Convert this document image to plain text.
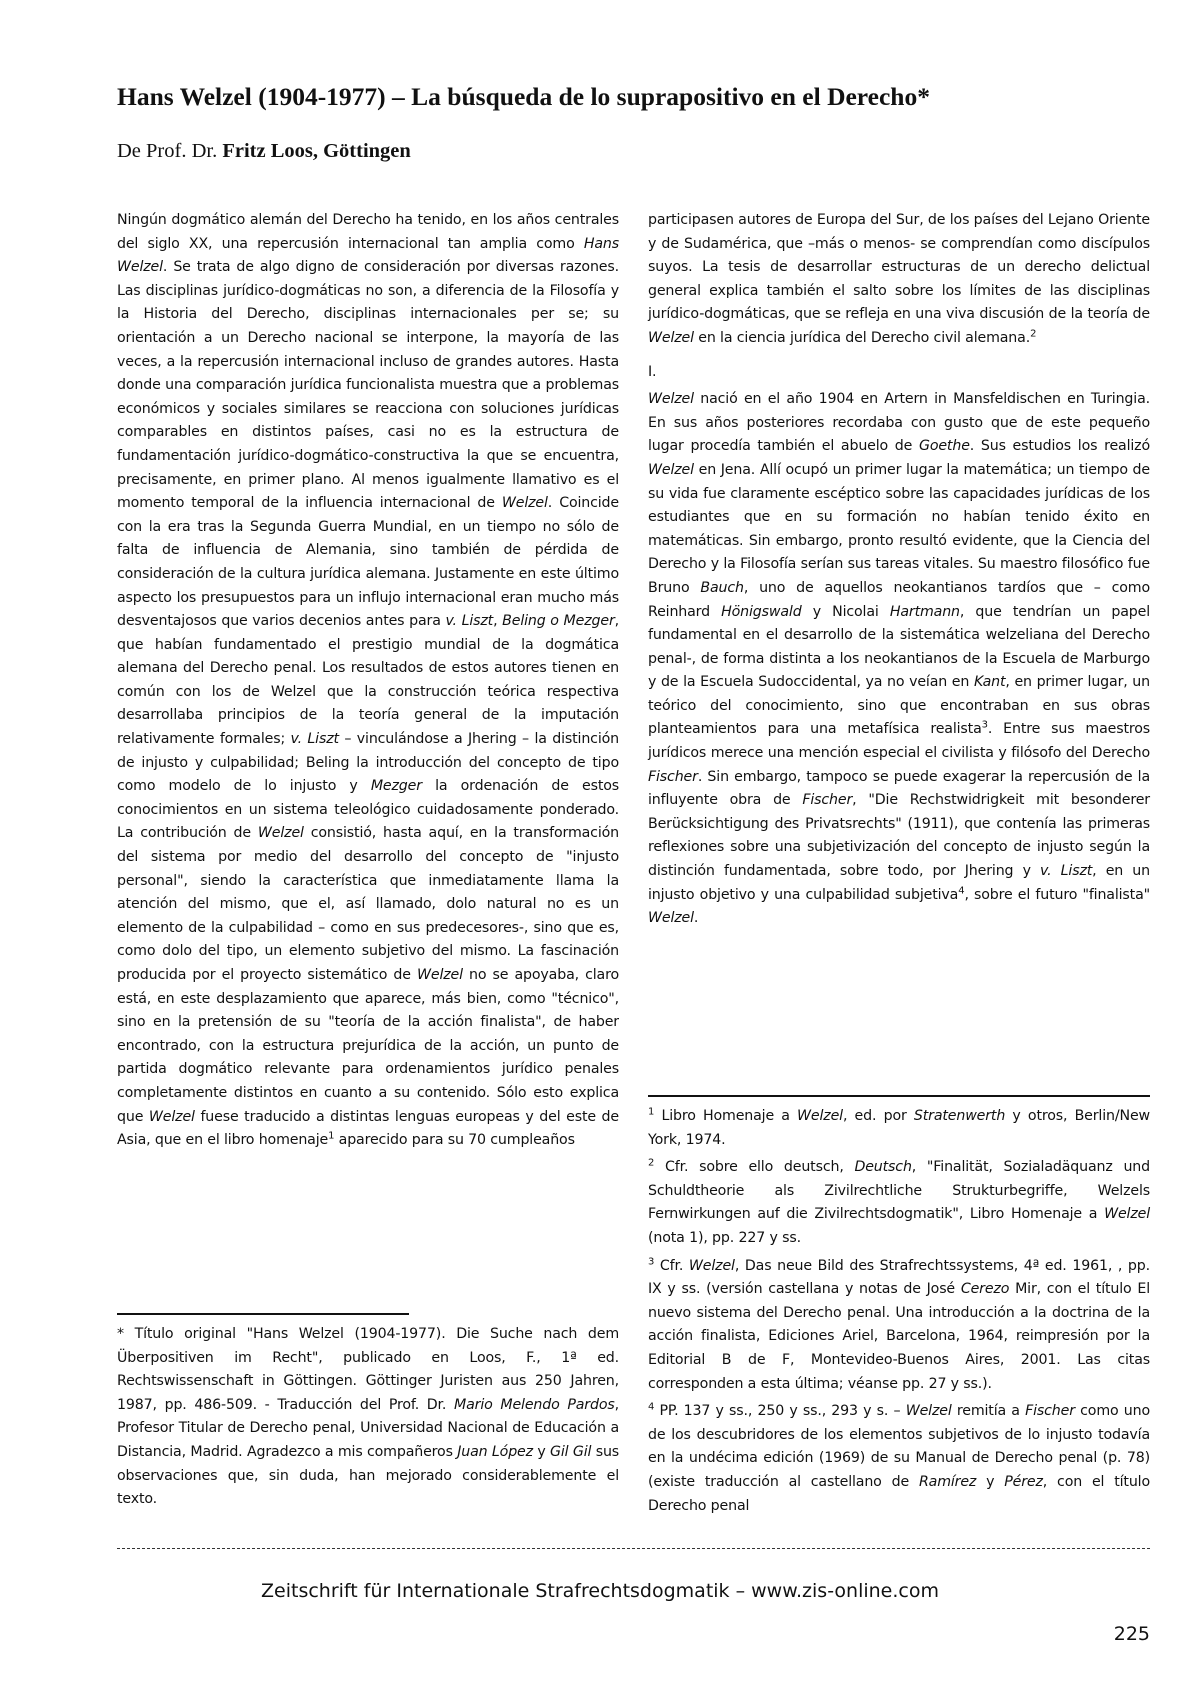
Hans Welzel (1904-1977) – La búsqueda de lo suprapositivo en el Derecho*
De Prof. Dr. Fritz Loos, Göttingen

Ningún dogmático alemán del Derecho ha tenido, en los años centrales del siglo XX, una repercusión internacional tan amplia como Hans Welzel. Se trata de algo digno de consideración por diversas razones. Las disciplinas jurídico-dogmáticas no son, a diferencia de la Filosofía y la Historia del Derecho, disciplinas internacionales per se; su orientación a un Derecho nacional se interpone, la mayoría de las veces, a la repercusión internacional incluso de grandes autores. Hasta donde una comparación jurídica funcionalista muestra que a problemas económicos y sociales similares se reacciona con soluciones jurídicas comparables en distintos países, casi no es la estructura de fundamentación jurídico-dogmático-constructiva la que se encuentra, precisamente, en primer plano. Al menos igualmente llamativo es el momento temporal de la influencia internacional de Welzel. Coincide con la era tras la Segunda Guerra Mundial, en un tiempo no sólo de falta de influencia de Alemania, sino también de pérdida de consideración de la cultura jurídica alemana. Justamente en este último aspecto los presupuestos para un influjo internacional eran mucho más desventajosos que varios decenios antes para v. Liszt, Beling o Mezger, que habían fundamentado el prestigio mundial de la dogmática alemana del Derecho penal. Los resultados de estos autores tienen en común con los de Welzel que la construcción teórica respectiva desarrollaba principios de la teoría general de la imputación relativamente formales; v. Liszt – vinculándose a Jhering – la distinción de injusto y culpabilidad; Beling la introducción del concepto de tipo como modelo de lo injusto y Mezger la ordenación de estos conocimientos en un sistema teleológico cuidadosamente ponderado. La contribución de Welzel consistió, hasta aquí, en la transformación del sistema por medio del desarrollo del concepto de "injusto personal", siendo la característica que inmediatamente llama la atención del mismo, que el, así llamado, dolo natural no es un elemento de la culpabilidad – como en sus predecesores-, sino que es, como dolo del tipo, un elemento subjetivo del mismo. La fascinación producida por el proyecto sistemático de Welzel no se apoyaba, claro está, en este desplazamiento que aparece, más bien, como "técnico", sino en la pretensión de su "teoría de la acción finalista", de haber encontrado, con la estructura prejurídica de la acción, un punto de partida dogmático relevante para ordenamientos jurídico penales completamente distintos en cuanto a su contenido. Sólo esto explica que Welzel fuese traducido a distintas lenguas europeas y del este de Asia, que en el libro homenaje$^1$ aparecido para su 70 cumpleaños

participasen autores de Europa del Sur, de los países del Lejano Oriente y de Sudamérica, que –más o menos- se comprendían como discípulos suyos. La tesis de desarrollar estructuras de un derecho delictual general explica también el salto sobre los límites de las disciplinas jurídico-dogmáticas, que se refleja en una viva discusión de la teoría de Welzel en la ciencia jurídica del Derecho civil alemana.$^2$

I.

Welzel nació en el año 1904 en Artern in Mansfeldischen en Turingia. En sus años posteriores recordaba con gusto que de este pequeño lugar procedía también el abuelo de Goethe. Sus estudios los realizó Welzel en Jena. Allí ocupó un primer lugar la matemática; un tiempo de su vida fue claramente escéptico sobre las capacidades jurídicas de los estudiantes que en su formación no habían tenido éxito en matemáticas. Sin embargo, pronto resultó evidente, que la Ciencia del Derecho y la Filosofía serían sus tareas vitales. Su maestro filosófico fue Bruno Bauch, uno de aquellos neokantianos tardíos que – como Reinhard Hönigswald y Nicolai Hartmann, que tendrían un papel fundamental en el desarrollo de la sistemática welzeliana del Derecho penal-, de forma distinta a los neokantianos de la Escuela de Marburgo y de la Escuela Sudoccidental, ya no veían en Kant, en primer lugar, un teórico del conocimiento, sino que encontraban en sus obras planteamientos para una metafísica realista$^3$. Entre sus maestros jurídicos merece una mención especial el civilista y filósofo del Derecho Fischer. Sin embargo, tampoco se puede exagerar la repercusión de la influyente obra de Fischer, "Die Rechstwidrigkeit mit besonderer Berücksichtigung des Privatsrechts" (1911), que contenía las primeras reflexiones sobre una subjetivización del concepto de injusto según la distinción fundamentada, sobre todo, por Jhering y v. Liszt, en un injusto objetivo y una culpabilidad subjetiva$^4$, sobre el futuro "finalista" Welzel.

* Título original "Hans Welzel (1904-1977). Die Suche nach dem Überpositiven im Recht", publicado en Loos, F., 1ª ed. Rechtswissenschaft in Göttingen. Göttinger Juristen aus 250 Jahren, 1987, pp. 486-509. - Traducción del Prof. Dr. Mario Melendo Pardos, Profesor Titular de Derecho penal, Universidad Nacional de Educación a Distancia, Madrid. Agradezco a mis compañeros Juan López y Gil Gil sus observaciones que, sin duda, han mejorado considerablemente el texto.

$^1$ Libro Homenaje a Welzel, ed. por Stratenwerth y otros, Berlin/New York, 1974.

$^2$ Cfr. sobre ello deutsch, Deutsch, "Finalität, Sozialadäquanz und Schuldtheorie als Zivilrechtliche Strukturbegriffe, Welzels Fernwirkungen auf die Zivilrechtsdogmatik", Libro Homenaje a Welzel (nota 1), pp. 227 y ss.

$^3$ Cfr. Welzel, Das neue Bild des Strafrechtssystems, 4ª ed. 1961, , pp. IX y ss. (versión castellana y notas de José Cerezo Mir, con el título El nuevo sistema del Derecho penal. Una introducción a la doctrina de la acción finalista, Ediciones Ariel, Barcelona, 1964, reimpresión por la Editorial B de F, Montevideo-Buenos Aires, 2001. Las citas corresponden a esta última; véanse pp. 27 y ss.).

$^4$ PP. 137 y ss., 250 y ss., 293 y s. – Welzel remitía a Fischer como uno de los descubridores de los elementos subjetivos de lo injusto todavía en la undécima edición (1969) de su Manual de Derecho penal (p. 78) (existe traducción al castellano de Ramírez y Pérez, con el título Derecho penal

Zeitschrift für Internationale Strafrechtsdogmatik – www.zis-online.com
225
